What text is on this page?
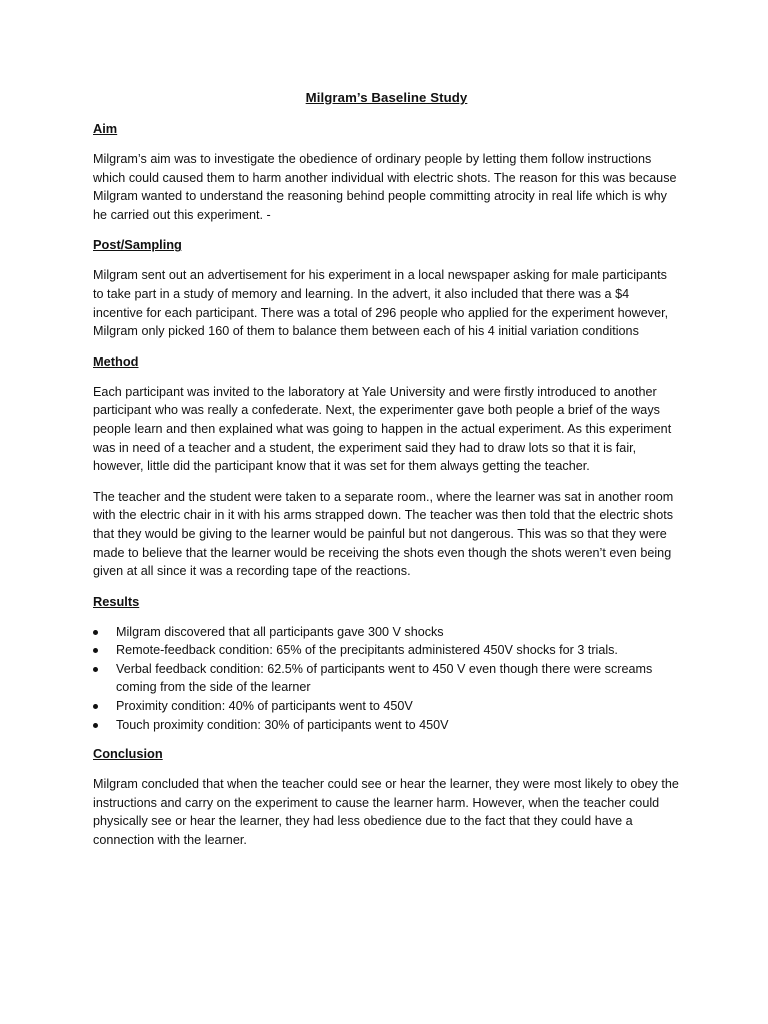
Milgram’s Baseline Study
Aim

Milgram’s aim was to investigate the obedience of ordinary people by letting them follow instructions which could caused them to harm another individual with electric shots. The reason for this was because Milgram wanted to understand the reasoning behind people committing atrocity in real life which is why he carried out this experiment. -

Post/Sampling

Milgram sent out an advertisement for his experiment in a local newspaper asking for male participants to take part in a study of memory and learning. In the advert, it also included that there was a $4 incentive for each participant. There was a total of 296 people who applied for the experiment however, Milgram only picked 160 of them to balance them between each of his 4 initial variation conditions

Method

Each participant was invited to the laboratory at Yale University and were firstly introduced to another participant who was really a confederate. Next, the experimenter gave both people a brief of the ways people learn and then explained what was going to happen in the actual experiment. As this experiment was in need of a teacher and a student, the experiment said they had to draw lots so that it is fair, however, little did the participant know that it was set for them always getting the teacher.

The teacher and the student were taken to a separate room., where the learner was sat in another room with the electric chair in it with his arms strapped down. The teacher was then told that the electric shots that they would be giving to the learner would be painful but not dangerous. This was so that they were made to believe that the learner would be receiving the shots even though the shots weren’t even being given at all since it was a recording tape of the reactions.

Results
Milgram discovered that all participants gave 300 V shocks
Remote-feedback condition: 65% of the precipitants administered 450V shocks for 3 trials.
Verbal feedback condition: 62.5% of participants went to 450 V even though there were screams coming from the side of the learner
Proximity condition: 40% of participants went to 450V
Touch proximity condition: 30% of participants went to 450V
Conclusion

Milgram concluded that when the teacher could see or hear the learner, they were most likely to obey the instructions and carry on the experiment to cause the learner harm. However, when the teacher could physically see or hear the learner, they had less obedience due to the fact that they could have a connection with the learner.
